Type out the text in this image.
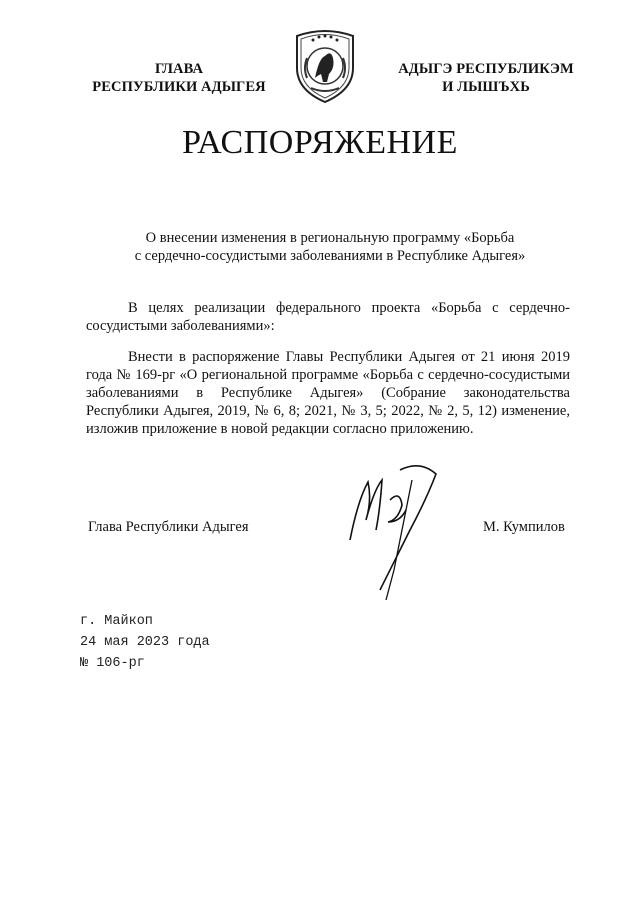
ГЛАВА
РЕСПУБЛИКИ АДЫГЕЯ
АДЫГЭ РЕСПУБЛИКЭМ
И ЛЫШЪХЬ
РАСПОРЯЖЕНИЕ
О внесении изменения в региональную программу «Борьба
с сердечно-сосудистыми заболеваниями в Республике Адыгея»

В целях реализации федерального проекта «Борьба с сердечно-сосудистыми заболеваниями»:

Внести в распоряжение Главы Республики Адыгея от 21 июня 2019 года № 169-рг «О региональной программе «Борьба с сердечно-сосудистыми заболеваниями в Республике Адыгея» (Собрание законодательства Республики Адыгея, 2019, № 6, 8; 2021, № 3, 5; 2022, № 2, 5, 12) изменение, изложив приложение в новой редакции согласно приложению.

Глава Республики Адыгея	М. Кумпилов
г. Майкоп
24 мая 2023 года
№ 106-рг
